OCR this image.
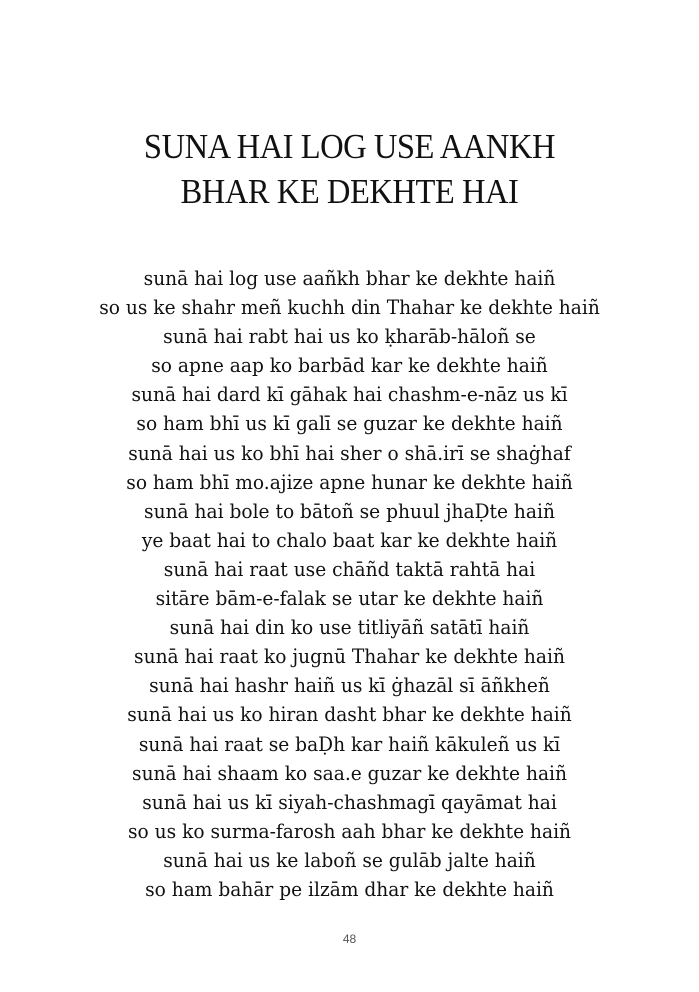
SUNA HAI LOG USE AANKH
BHAR KE DEKHTE HAI
sunā hai log use aañkh bhar ke dekhte haiñ
so us ke shahr meñ kuchh din Thahar ke dekhte haiñ
sunā hai rabt hai us ko ḳharāb-hāloñ se
so apne aap ko barbād kar ke dekhte haiñ
sunā hai dard kī gāhak hai chashm-e-nāz us kī
so ham bhī us kī galī se guzar ke dekhte haiñ
sunā hai us ko bhī hai sher o shā.irī se shaġhaf
so ham bhī mo.ajize apne hunar ke dekhte haiñ
sunā hai bole to bātoñ se phuul jhaḌte haiñ
ye baat hai to chalo baat kar ke dekhte haiñ
sunā hai raat use chāñd taktā rahtā hai
sitāre bām-e-falak se utar ke dekhte haiñ
sunā hai din ko use titliyāñ satātī haiñ
sunā hai raat ko jugnū Thahar ke dekhte haiñ
sunā hai hashr haiñ us kī ġhazāl sī āñkheñ
sunā hai us ko hiran dasht bhar ke dekhte haiñ
sunā hai raat se baḌh kar haiñ kākuleñ us kī
sunā hai shaam ko saa.e guzar ke dekhte haiñ
sunā hai us kī siyah-chashmagī qayāmat hai
so us ko surma-farosh aah bhar ke dekhte haiñ
sunā hai us ke laboñ se gulāb jalte haiñ
so ham bahār pe ilzām dhar ke dekhte haiñ
48
